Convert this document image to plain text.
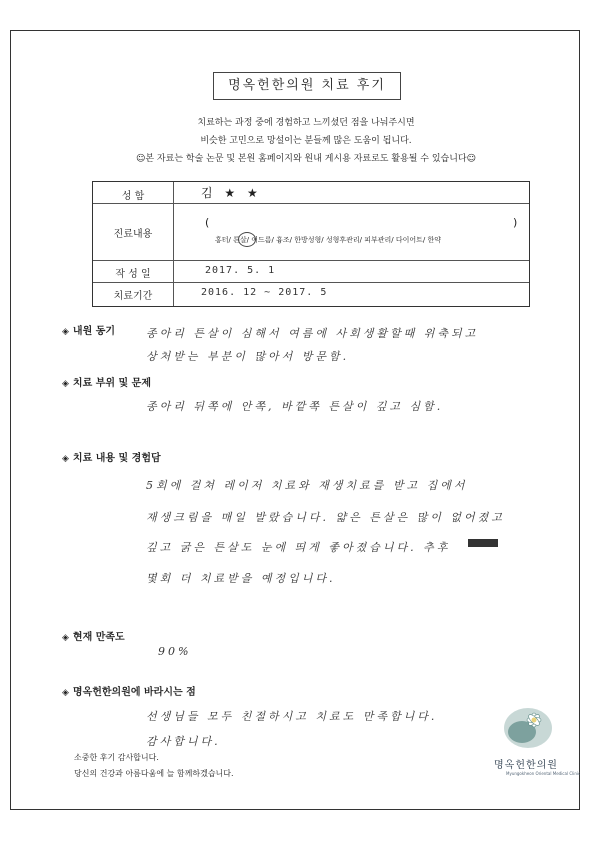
명옥헌한의원 치료 후기
치료하는 과정 중에 경험하고 느끼셨던 점을 나눠주시면
비슷한 고민으로 망설이는 분들께 많은 도움이 됩니다.
☺본 자료는 학술 논문 및 본원 홈페이지와 원내 게시용 자료로도 활용될 수 있습니다☺
성 함	김 ★ ★
진료내용
(	)
홍터/ 튼살/ 여드름/ 흉조/ 한방성형/ 성형후관리/ 피부관리/ 다이어트/ 한약
작 성 일	2017. 5. 1
치료기간	2016. 12 ~ 2017. 5
◈ 내원 동기	종아리 튼살이 심해서 여름에 사회생활할때 위축되고
상처받는 부분이 많아서 방문함.
◈ 치료 부위 및 문제
종아리 뒤쪽에 안쪽, 바깥쪽 튼살이 깊고 심함.
◈ 치료 내용 및 경험담
5회에 걸쳐 레이저 치료와 재생치료를 받고 집에서
재생크림을 매일 발랐습니다. 얇은 튼살은 많이 없어졌고
깊고 굵은 튼살도 눈에 띄게 좋아졌습니다. 추후
몇회 더 치료받을 예정입니다.
◈ 현재 만족도
90%
◈ 명옥헌한의원에 바라시는 점
선생님들 모두 친절하시고 치료도 만족합니다.
감사합니다.
소중한 후기 감사합니다.
당신의 건강과 아름다움에 늘 함께하겠습니다.
명옥헌한의원
Myungokheon Oriental Medical Clinic
